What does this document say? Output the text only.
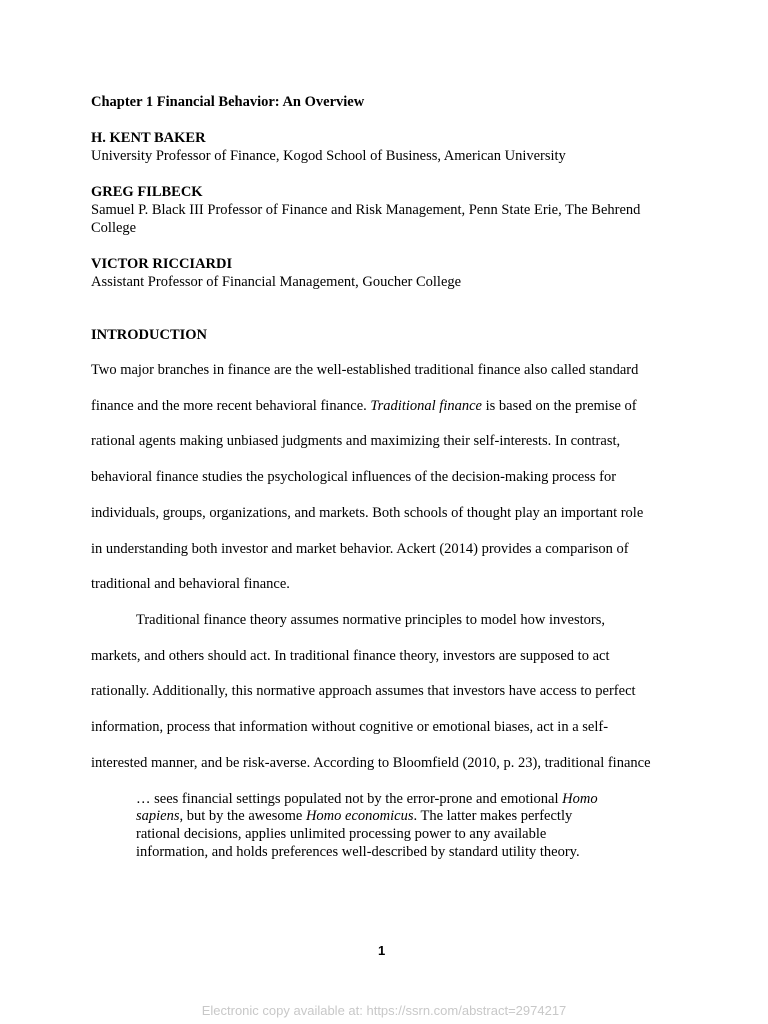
Chapter 1 Financial Behavior: An Overview
H. KENT BAKER
University Professor of Finance, Kogod School of Business, American University
GREG FILBECK
Samuel P. Black III Professor of Finance and Risk Management, Penn State Erie, The Behrend
College
VICTOR RICCIARDI
Assistant Professor of Financial Management, Goucher College
INTRODUCTION
Two major branches in finance are the well-established traditional finance also called standard
finance and the more recent behavioral finance. Traditional finance is based on the premise of
rational agents making unbiased judgments and maximizing their self-interests. In contrast,
behavioral finance studies the psychological influences of the decision-making process for
individuals, groups, organizations, and markets. Both schools of thought play an important role
in understanding both investor and market behavior. Ackert (2014) provides a comparison of
traditional and behavioral finance.
Traditional finance theory assumes normative principles to model how investors,
markets, and others should act. In traditional finance theory, investors are supposed to act
rationally. Additionally, this normative approach assumes that investors have access to perfect
information, process that information without cognitive or emotional biases, act in a self-
interested manner, and be risk-averse. According to Bloomfield (2010, p. 23), traditional finance
… sees financial settings populated not by the error-prone and emotional Homo
sapiens, but by the awesome Homo economicus. The latter makes perfectly
rational decisions, applies unlimited processing power to any available
information, and holds preferences well-described by standard utility theory.
1
Electronic copy available at: https://ssrn.com/abstract=2974217
